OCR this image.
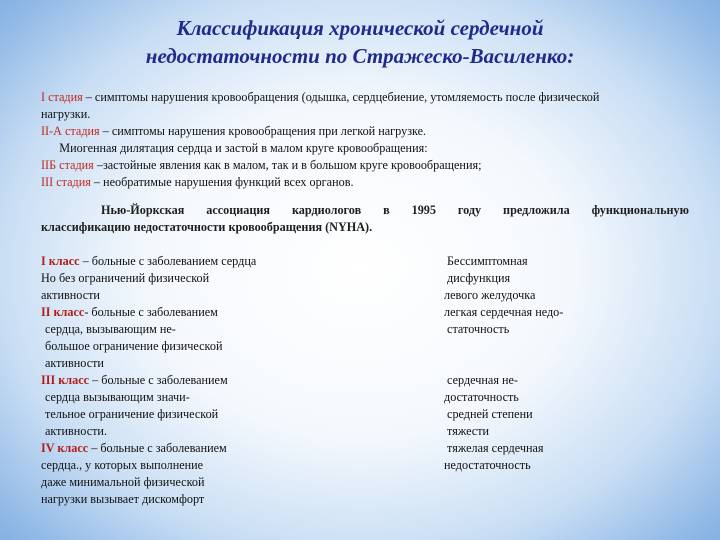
Классификация хронической сердечной
недостаточности по Стражеско-Василенко:
I стадия – симптомы нарушения кровообращения (одышка, сердцебиение, утомляемость после физической
нагрузки.
II-А стадия – симптомы нарушения кровообращения при легкой нагрузке.
Миогенная дилятация сердца и застой в малом круге кровообращения:
IIБ стадия –застойные явления как в малом, так и в большом круге кровообращения;
III стадия – необратимые нарушения функций всех органов.
Нью-Йоркская ассоциация кардиологов в 1995 году предложила функциональную
классификацию недостаточности кровообращения (NYHA).
I класс – больные с заболеванием сердца
Но без ограничений физической
активности
II класс- больные с заболеванием
сердца, вызывающим не-
большое ограничение физической
активности
III класс – больные с заболеванием
сердца вызывающим значи-
тельное ограничение физической
активности.
IV класс – больные с заболеванием
сердца., у которых выполнение
даже минимальной физической
нагрузки вызывает дискомфорт
Бессимптомная
дисфункция
левого желудочка
легкая сердечная недо-
статочность
сердечная не-
достаточность
средней степени
тяжести
тяжелая сердечная
недостаточность
